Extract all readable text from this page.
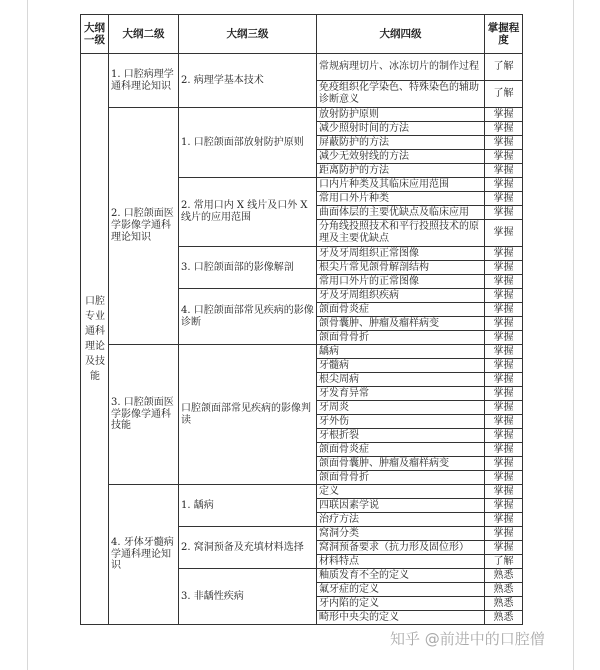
大纲一级	大纲二级	大纲三级	大纲四级	掌握程度
口腔专业通科理论及技能	1. 口腔病理学通科理论知识	2. 病理学基本技术	常规病理切片、冰冻切片的制作过程	了解
			免疫组织化学染色、特殊染色的辅助诊断意义	了解
	2. 口腔颌面医学影像学通科理论知识	1. 口腔颌面部放射防护原则	放射防护原则	掌握
			减少照射时间的方法	掌握
			屏蔽防护的方法	掌握
			减少无效射线的方法	掌握
			距离防护的方法	掌握
		2. 常用口内 X 线片及口外 X 线片的应用范围	口内片种类及其临床应用范围	掌握
			常用口外片种类	掌握
			曲面体层的主要优缺点及临床应用	掌握
			分角线投照技术和平行投照技术的原理及主要优缺点	掌握
		3. 口腔颌面部的影像解剖	牙及牙周组织正常图像	掌握
			根尖片常见颌骨解剖结构	掌握
			常用口外片的正常图像	掌握
		4. 口腔颌面部常见疾病的影像诊断	牙及牙周组织疾病	掌握
			颌面骨炎症	掌握
			颌骨囊肿、肿瘤及瘤样病变	掌握
			颌面骨骨折	掌握
	3. 口腔颌面医学影像学通科技能	口腔颌面部常见疾病的影像判读	龋病	掌握
			牙髓病	掌握
			根尖周病	掌握
			牙发育异常	掌握
			牙周炎	掌握
			牙外伤	掌握
			牙根折裂	掌握
			颌面骨炎症	掌握
			颌面骨囊肿、肿瘤及瘤样病变	掌握
			颌面骨骨折	掌握
	4. 牙体牙髓病学通科理论知识	1. 龋病	定义	掌握
			四联因素学说	掌握
			治疗方法	掌握
		2. 窝洞预备及充填材料选择	窝洞分类	掌握
			窝洞预备要求（抗力形及固位形）	掌握
			材料特点	了解
		3. 非龋性疾病	釉质发育不全的定义	熟悉
			氟牙症的定义	熟悉
			牙内陷的定义	熟悉
			畸形中央尖的定义	熟悉
知乎 @前进中的口腔僧
